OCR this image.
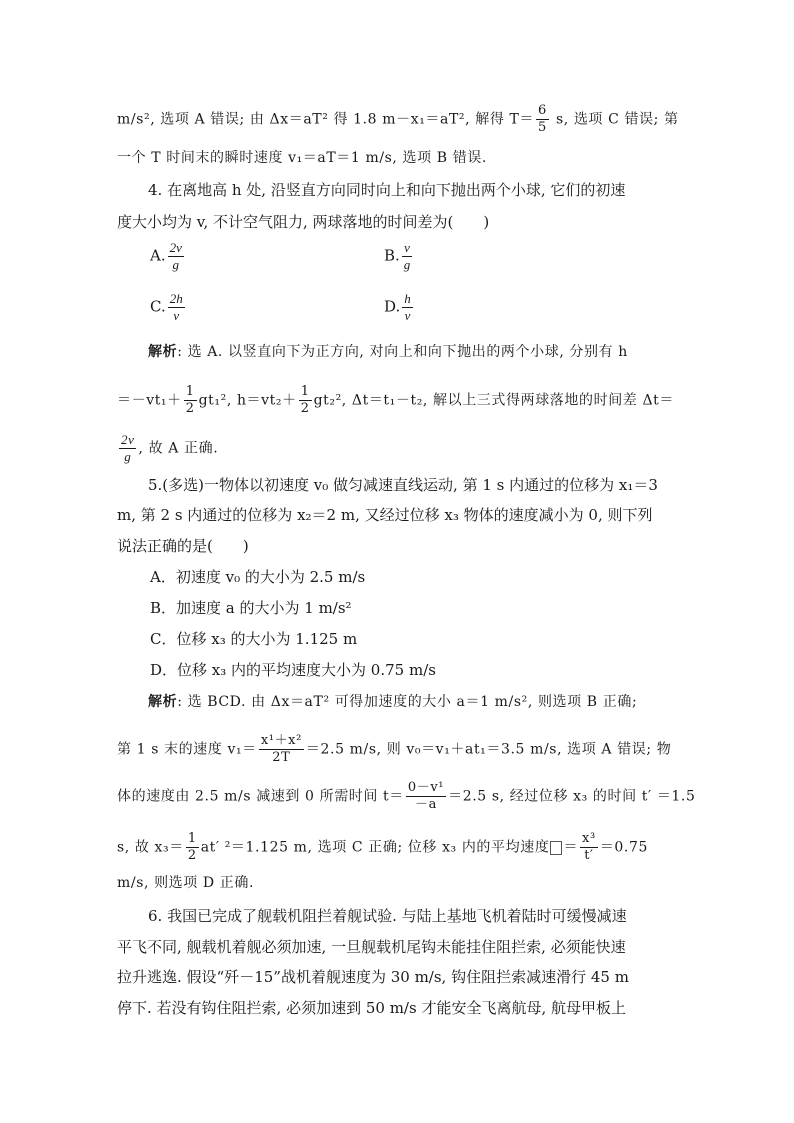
m/s², 选项 A 错误; 由 Δx＝aT² 得 1.8 m－x₁＝aT², 解得 $T= \frac{6}{5} s$, 选项 C 错误; 第
一个 T 时间末的瞬时速度 v₁＝aT＝1 m/s, 选项 B 错误.
4. 在离地高 h 处, 沿竖直方向同时向上和向下抛出两个小球, 它们的初速
度大小均为 v, 不计空气阻力, 两球落地的时间差为(　　)
A. $\frac{2v}{g}$	B. $\frac{v}{g}$
C. $\frac{2h}{v}$	D. $\frac{h}{v}$
解析: 选 A. 以竖直向下为正方向, 对向上和向下抛出的两个小球, 分别有 h
$=-vt_1+ \frac{1}{2} gt_1^2$, $h=vt_2+ \frac{1}{2} gt_2^2$, Δt＝t₁－t₂, 解以上三式得两球落地的时间差 Δt＝
$\frac{2v}{g}$ , 故 A 正确.
5.(多选)一物体以初速度 v₀ 做匀减速直线运动, 第 1 s 内通过的位移为 x₁＝3
m, 第 2 s 内通过的位移为 x₂＝2 m, 又经过位移 x₃ 物体的速度减小为 0, 则下列
说法正确的是(　　)
A．初速度 v₀ 的大小为 2.5 m/s
B．加速度 a 的大小为 1 m/s²
C．位移 x₃ 的大小为 1.125 m
D．位移 x₃ 内的平均速度大小为 0.75 m/s
解析: 选 BCD. 由 Δx＝aT² 可得加速度的大小 a＝1 m/s², 则选项 B 正确;
第 1 s 末的速度 $v_1= \frac{\text{x¹＋x²}}{2T} =2.5$ m/s, 则 v₀＝v₁＋at₁＝3.5 m/s, 选项 A 错误; 物
体的速度由 2.5 m/s 减速到 0 所需时间 $t= \frac{\text{0－v¹}}{-a} =2.5$ s, 经过位移 x₃ 的时间 t′ ＝1.5
s, 故 $x_3= \frac{1}{2} at'$ ²＝1.125 m, 选项 C 正确; 位移 x₃ 内的平均速度 ＝ $\frac{\text{x³}}{t'} =0.75$
m/s, 则选项 D 正确.
6. 我国已完成了舰载机阻拦着舰试验. 与陆上基地飞机着陆时可缓慢减速
平飞不同, 舰载机着舰必须加速, 一旦舰载机尾钩未能挂住阻拦索, 必须能快速
拉升逃逸. 假设“歼－15”战机着舰速度为 30 m/s, 钩住阻拦索减速滑行 45 m
停下. 若没有钩住阻拦索, 必须加速到 50 m/s 才能安全飞离航母, 航母甲板上
